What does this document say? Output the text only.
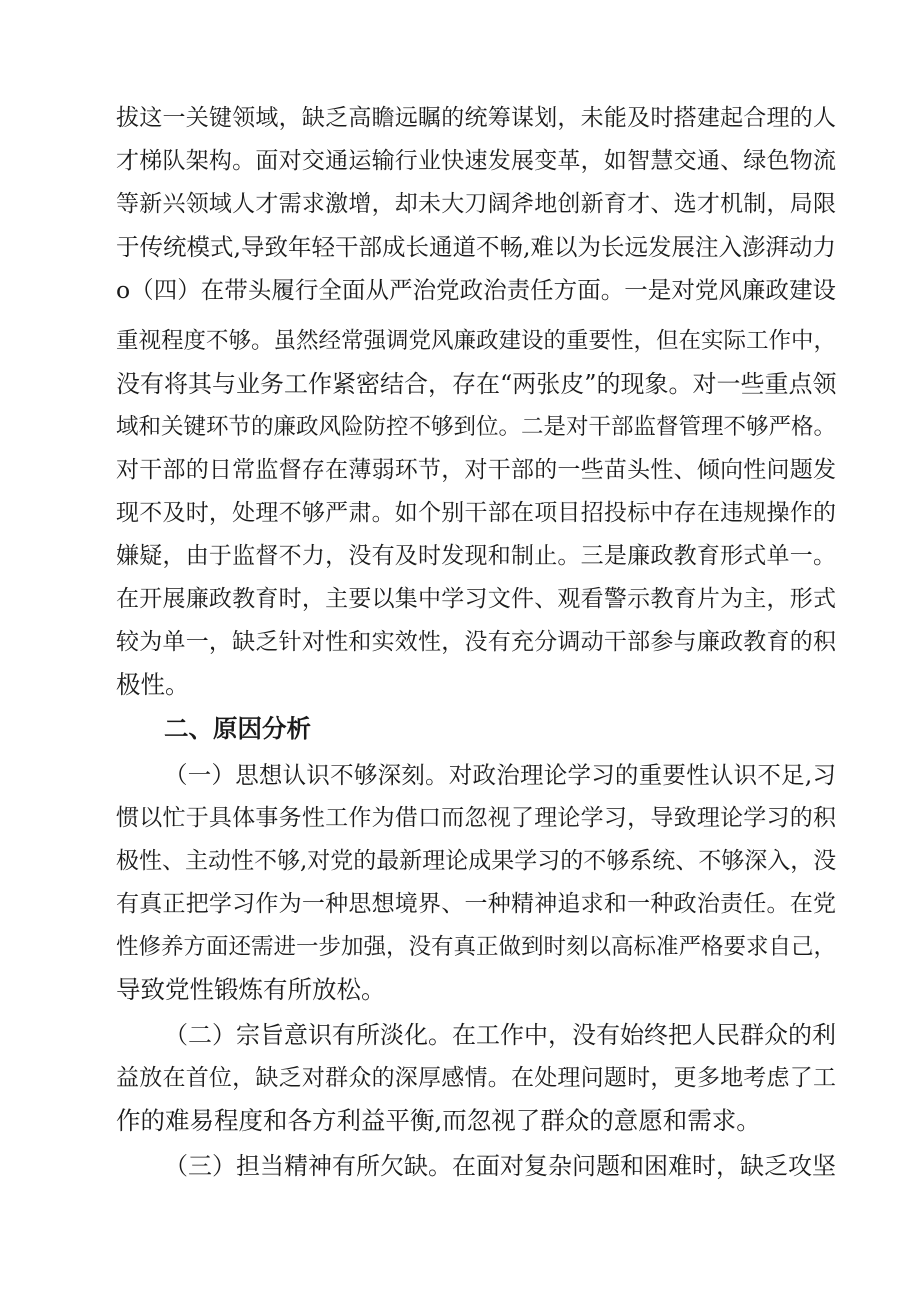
拔这一关键领域，缺乏高瞻远瞩的统筹谋划，未能及时搭建起合理的人
才梯队架构。面对交通运输行业快速发展变革，如智慧交通、绿色物流
等新兴领域人才需求激增，却未大刀阔斧地创新育才、选才机制，局限
于传统模式,导致年轻干部成长通道不畅,难以为长远发展注入澎湃动力
o（四）在带头履行全面从严治党政治责任方面。一是对党风廉政建设
重视程度不够。虽然经常强调党风廉政建设的重要性，但在实际工作中，
没有将其与业务工作紧密结合，存在“两张皮”的现象。对一些重点领
域和关键环节的廉政风险防控不够到位。二是对干部监督管理不够严格。
对干部的日常监督存在薄弱环节，对干部的一些苗头性、倾向性问题发
现不及时，处理不够严肃。如个别干部在项目招投标中存在违规操作的
嫌疑，由于监督不力，没有及时发现和制止。三是廉政教育形式单一。
在开展廉政教育时，主要以集中学习文件、观看警示教育片为主，形式
较为单一，缺乏针对性和实效性，没有充分调动干部参与廉政教育的积
极性。
二、原因分析
（一）思想认识不够深刻。对政治理论学习的重要性认识不足,习
惯以忙于具体事务性工作为借口而忽视了理论学习，导致理论学习的积
极性、主动性不够,对党的最新理论成果学习的不够系统、不够深入，没
有真正把学习作为一种思想境界、一种精神追求和一种政治责任。在党
性修养方面还需进一步加强，没有真正做到时刻以高标准严格要求自己，
导致党性锻炼有所放松。
（二）宗旨意识有所淡化。在工作中，没有始终把人民群众的利
益放在首位，缺乏对群众的深厚感情。在处理问题时，更多地考虑了工
作的难易程度和各方利益平衡,而忽视了群众的意愿和需求。
（三）担当精神有所欠缺。在面对复杂问题和困难时，缺乏攻坚
